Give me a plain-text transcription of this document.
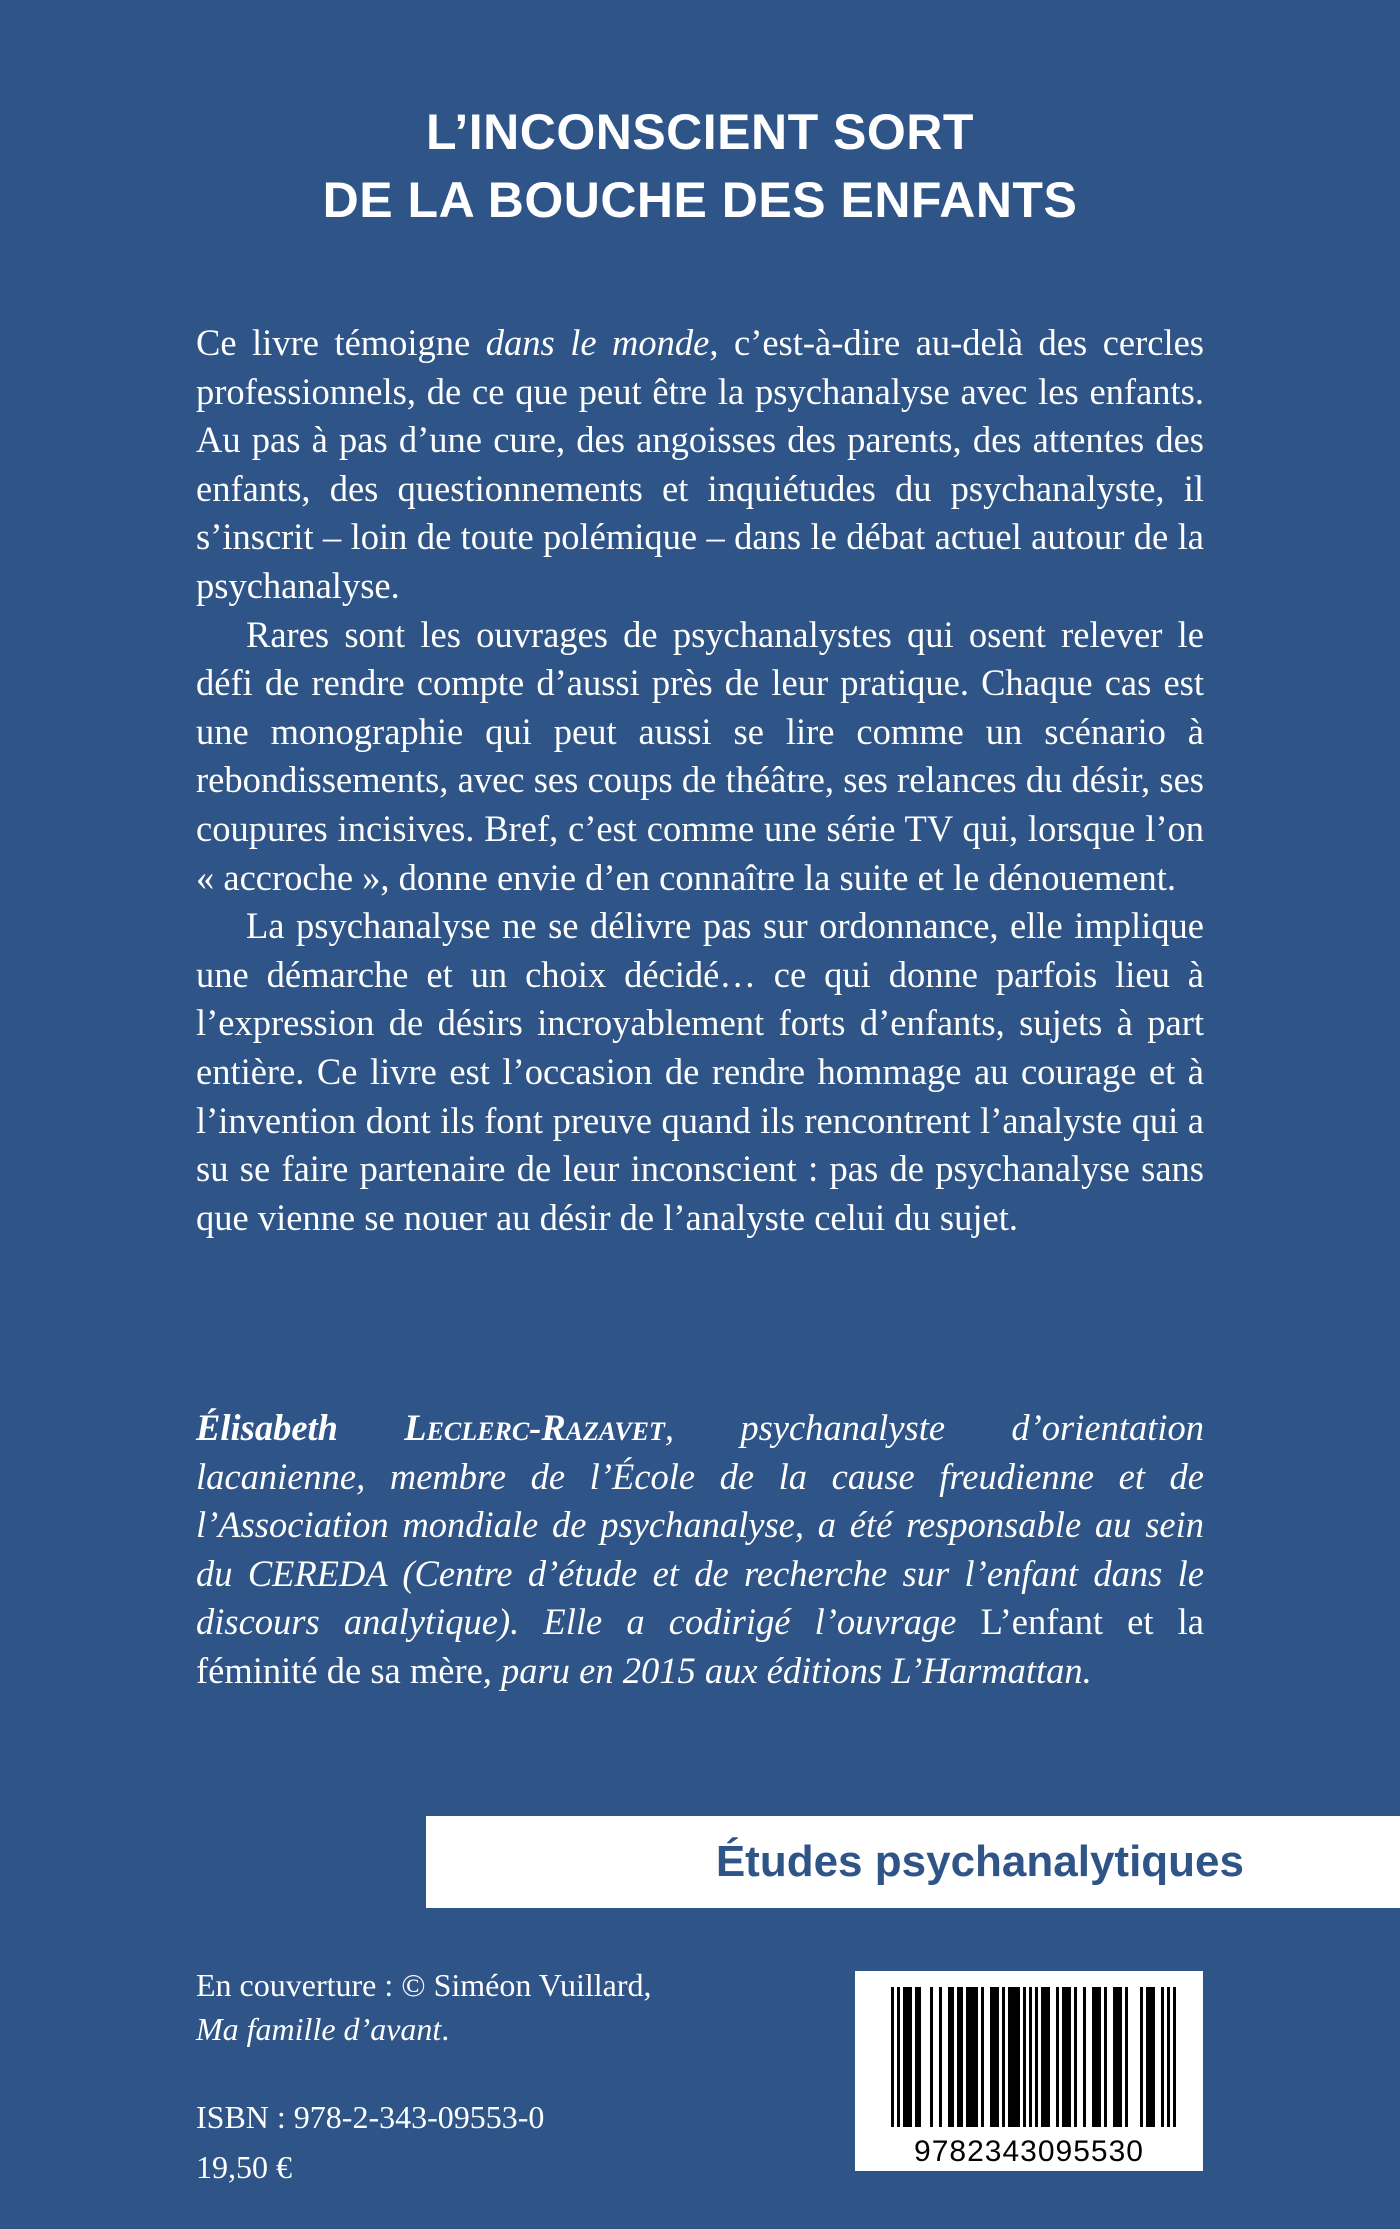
L’INCONSCIENT SORT
DE LA BOUCHE DES ENFANTS

Ce livre témoigne dans le monde, c’est-à-dire au-delà des cercles professionnels, de ce que peut être la psychanalyse avec les enfants. Au pas à pas d’une cure, des angoisses des parents, des attentes des enfants, des questionnements et inquiétudes du psychanalyste, il s’inscrit – loin de toute polémique – dans le débat actuel autour de la psychanalyse.

Rares sont les ouvrages de psychanalystes qui osent relever le défi de rendre compte d’aussi près de leur pratique. Chaque cas est une monographie qui peut aussi se lire comme un scénario à rebondissements, avec ses coups de théâtre, ses relances du désir, ses coupures incisives. Bref, c’est comme une série TV qui, lorsque l’on « accroche », donne envie d’en connaître la suite et le dénouement.

La psychanalyse ne se délivre pas sur ordonnance, elle implique une démarche et un choix décidé… ce qui donne parfois lieu à l’expression de désirs incroyablement forts d’enfants, sujets à part entière. Ce livre est l’occasion de rendre hommage au courage et à l’invention dont ils font preuve quand ils rencontrent l’analyste qui a su se faire partenaire de leur inconscient : pas de psychanalyse sans que vienne se nouer au désir de l’analyste celui du sujet.

Élisabeth Leclerc-Razavet, psychanalyste d’orientation lacanienne, membre de l’École de la cause freudienne et de l’Association mondiale de psychanalyse, a été responsable au sein du CEREDA (Centre d’étude et de recherche sur l’enfant dans le discours analytique). Elle a codirigé l’ouvrage L’enfant et la féminité de sa mère, paru en 2015 aux éditions L’Harmattan.

Études psychanalytiques
En couverture : © Siméon Vuillard,
Ma famille d’avant.
ISBN : 978-2-343-09553-0
19,50 €	9782343095530
